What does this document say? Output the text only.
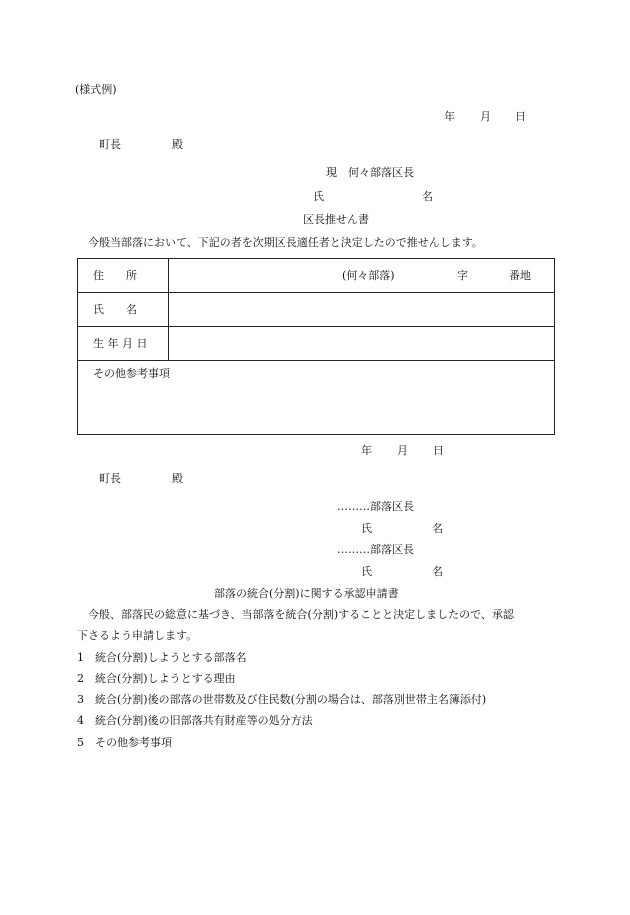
(様式例)
年 月 日
町長	殿
現　何々部落区長
氏	名
区長推せん書
今般当部落において、下記の者を次期区長適任者と決定したので推せんします。
住　　所	(何々部落)	字	番地
氏　　名
生 年 月 日
その他参考事項
年 月 日
町長	殿
………部落区長
氏	名
………部落区長
氏	名
部落の統合(分割)に関する承認申請書
今般、部落民の総意に基づき、当部落を統合(分割)することと決定しましたので、承認
下さるよう申請します。
1 統合(分割)しようとする部落名
2 統合(分割)しようとする理由
3 統合(分割)後の部落の世帯数及び住民数(分割の場合は、部落別世帯主名簿添付)
4 統合(分割)後の旧部落共有財産等の処分方法
5 その他参考事項
